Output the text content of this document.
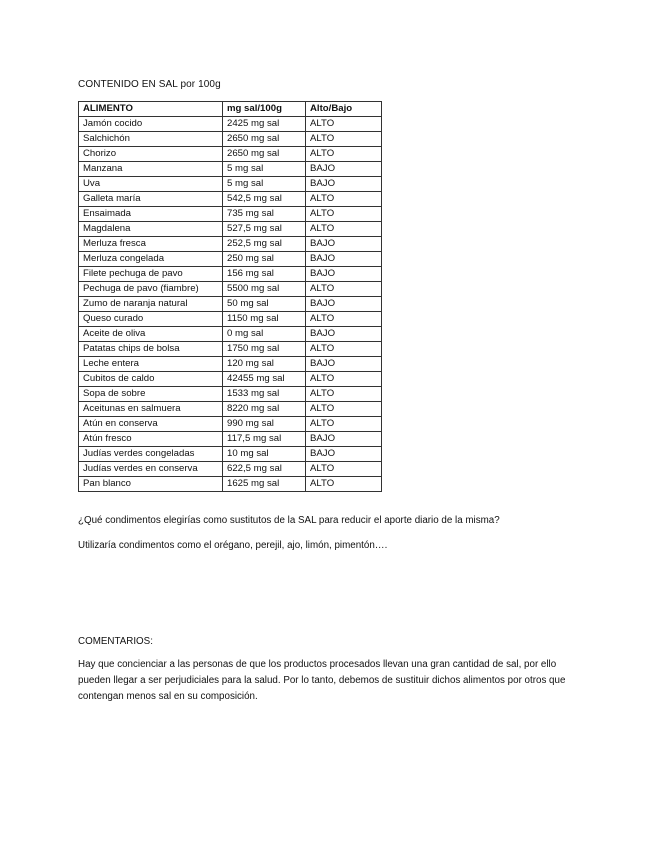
CONTENIDO EN SAL por 100g
ALIMENTO	mg sal/100g	Alto/Bajo
Jamón cocido	2425 mg sal	ALTO
Salchichón	2650 mg sal	ALTO
Chorizo	2650 mg sal	ALTO
Manzana	5 mg sal	BAJO
Uva	5 mg sal	BAJO
Galleta maría	542,5 mg sal	ALTO
Ensaimada	735 mg sal	ALTO
Magdalena	527,5 mg sal	ALTO
Merluza fresca	252,5 mg sal	BAJO
Merluza congelada	250 mg sal	BAJO
Filete pechuga de pavo	156 mg sal	BAJO
Pechuga de pavo (fiambre)	5500 mg sal	ALTO
Zumo de naranja natural	50 mg sal	BAJO
Queso curado	1150 mg sal	ALTO
Aceite de oliva	0 mg sal	BAJO
Patatas chips de bolsa	1750 mg sal	ALTO
Leche entera	120 mg sal	BAJO
Cubitos de caldo	42455 mg sal	ALTO
Sopa de sobre	1533 mg sal	ALTO
Aceitunas en salmuera	8220 mg sal	ALTO
Atún en conserva	990 mg sal	ALTO
Atún fresco	117,5 mg sal	BAJO
Judías verdes congeladas	10 mg sal	BAJO
Judías verdes en conserva	622,5 mg sal	ALTO
Pan blanco	1625 mg sal	ALTO
¿Qué condimentos elegirías como sustitutos de la SAL para reducir el aporte diario de la misma?
Utilizaría condimentos como el orégano, perejil, ajo, limón, pimentón….
COMENTARIOS:
Hay que concienciar a las personas de que los productos procesados llevan una gran cantidad de sal, por ello pueden llegar a ser perjudiciales para la salud. Por lo tanto, debemos de sustituir dichos alimentos por otros que contengan menos sal en su composición.
